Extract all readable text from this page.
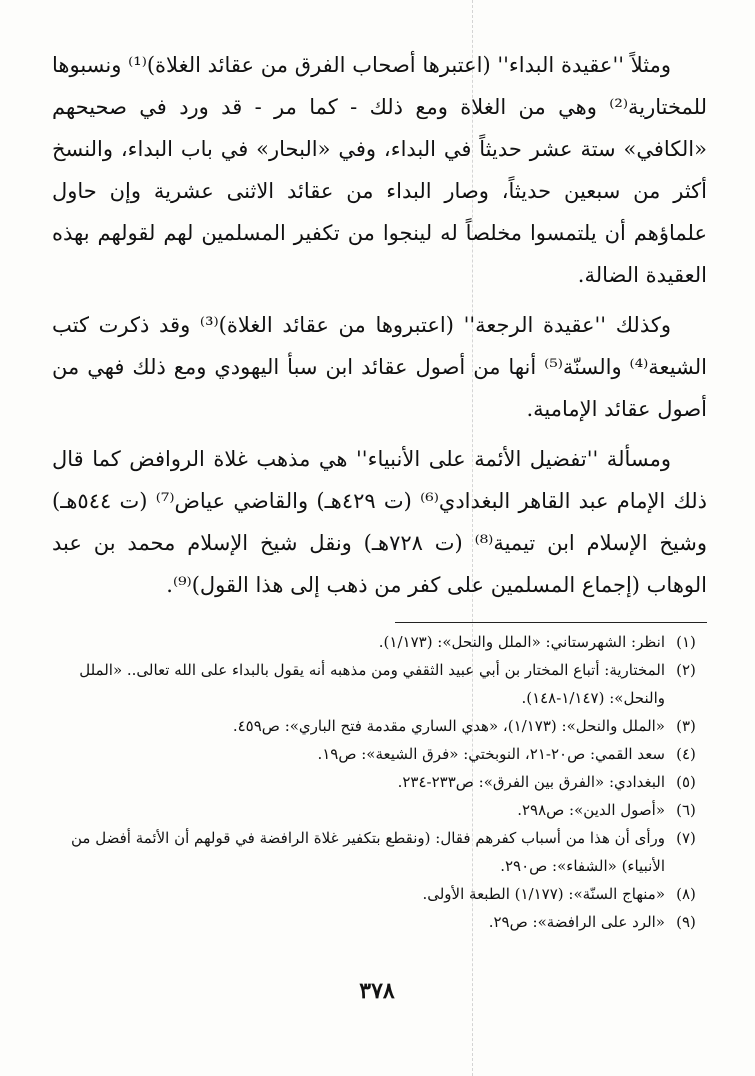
ومثلاً ''عقيدة البداء'' (اعتبرها أصحاب الفرق من عقائد الغلاة)⁽¹⁾ ونسبوها للمختارية⁽²⁾ وهي من الغلاة ومع ذلك - كما مر - قد ورد في صحيحهم «الكافي» ستة عشر حديثاً في البداء، وفي «البحار» في باب البداء، والنسخ أكثر من سبعين حديثاً، وصار البداء من عقائد الاثنى عشرية وإن حاول علماؤهم أن يلتمسوا مخلصاً له لينجوا من تكفير المسلمين لهم لقولهم بهذه العقيدة الضالة.

وكذلك ''عقيدة الرجعة'' (اعتبروها من عقائد الغلاة)⁽³⁾ وقد ذكرت كتب الشيعة⁽⁴⁾ والسنّة⁽⁵⁾ أنها من أصول عقائد ابن سبأ اليهودي ومع ذلك فهي من أصول عقائد الإمامية.

ومسألة ''تفضيل الأئمة على الأنبياء'' هي مذهب غلاة الروافض كما قال ذلك الإمام عبد القاهر البغدادي⁽⁶⁾ (ت ٤٢٩هـ) والقاضي عياض⁽⁷⁾ (ت ٥٤٤هـ) وشيخ الإسلام ابن تيمية⁽⁸⁾ (ت ٧٢٨هـ) ونقل شيخ الإسلام محمد بن عبد الوهاب (إجماع المسلمين على كفر من ذهب إلى هذا القول)⁽⁹⁾.

(١)
انظر: الشهرستاني: «الملل والنحل»: (١/١٧٣).
(٢)
المختارية: أتباع المختار بن أبي عبيد الثقفي ومن مذهبه أنه يقول بالبداء على الله تعالى.. «الملل والنحل»: (١/١٤٧-١٤٨).
(٣)
«الملل والنحل»: (١/١٧٣)، «هدي الساري مقدمة فتح الباري»: ص٤٥٩.
(٤)
سعد القمي: ص٢٠-٢١، النوبختي: «فرق الشيعة»: ص١٩.
(٥)
البغدادي: «الفرق بين الفرق»: ص٢٣٣-٢٣٤.
(٦)
«أصول الدين»: ص٢٩٨.
(٧)
ورأى أن هذا من أسباب كفرهم فقال: (ونقطع بتكفير غلاة الرافضة في قولهم أن الأئمة أفضل من الأنبياء) «الشفاء»: ص٢٩٠.
(٨)
«منهاج السنّة»: (١/١٧٧) الطبعة الأولى.
(٩)
«الرد على الرافضة»: ص٢٩.
٣٧٨
